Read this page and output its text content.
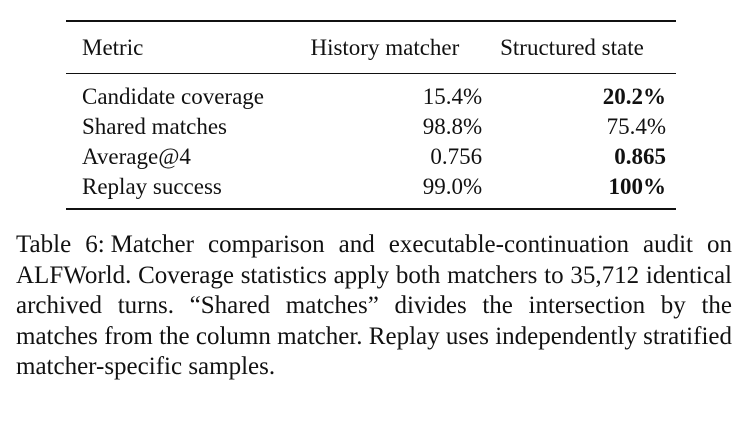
Metric	History matcher	Structured state
Candidate coverage	15.4%	20.2%
Shared matches	98.8%	75.4%
Average@4	0.756	0.865
Replay success	99.0%	100%
Table 6: Matcher comparison and executable-continuation audit on ALFWorld. Coverage statistics apply both matchers to 35,712 identical archived turns. “Shared matches” divides the intersection by the matches from the column matcher. Replay uses independently stratified matcher-specific samples.
